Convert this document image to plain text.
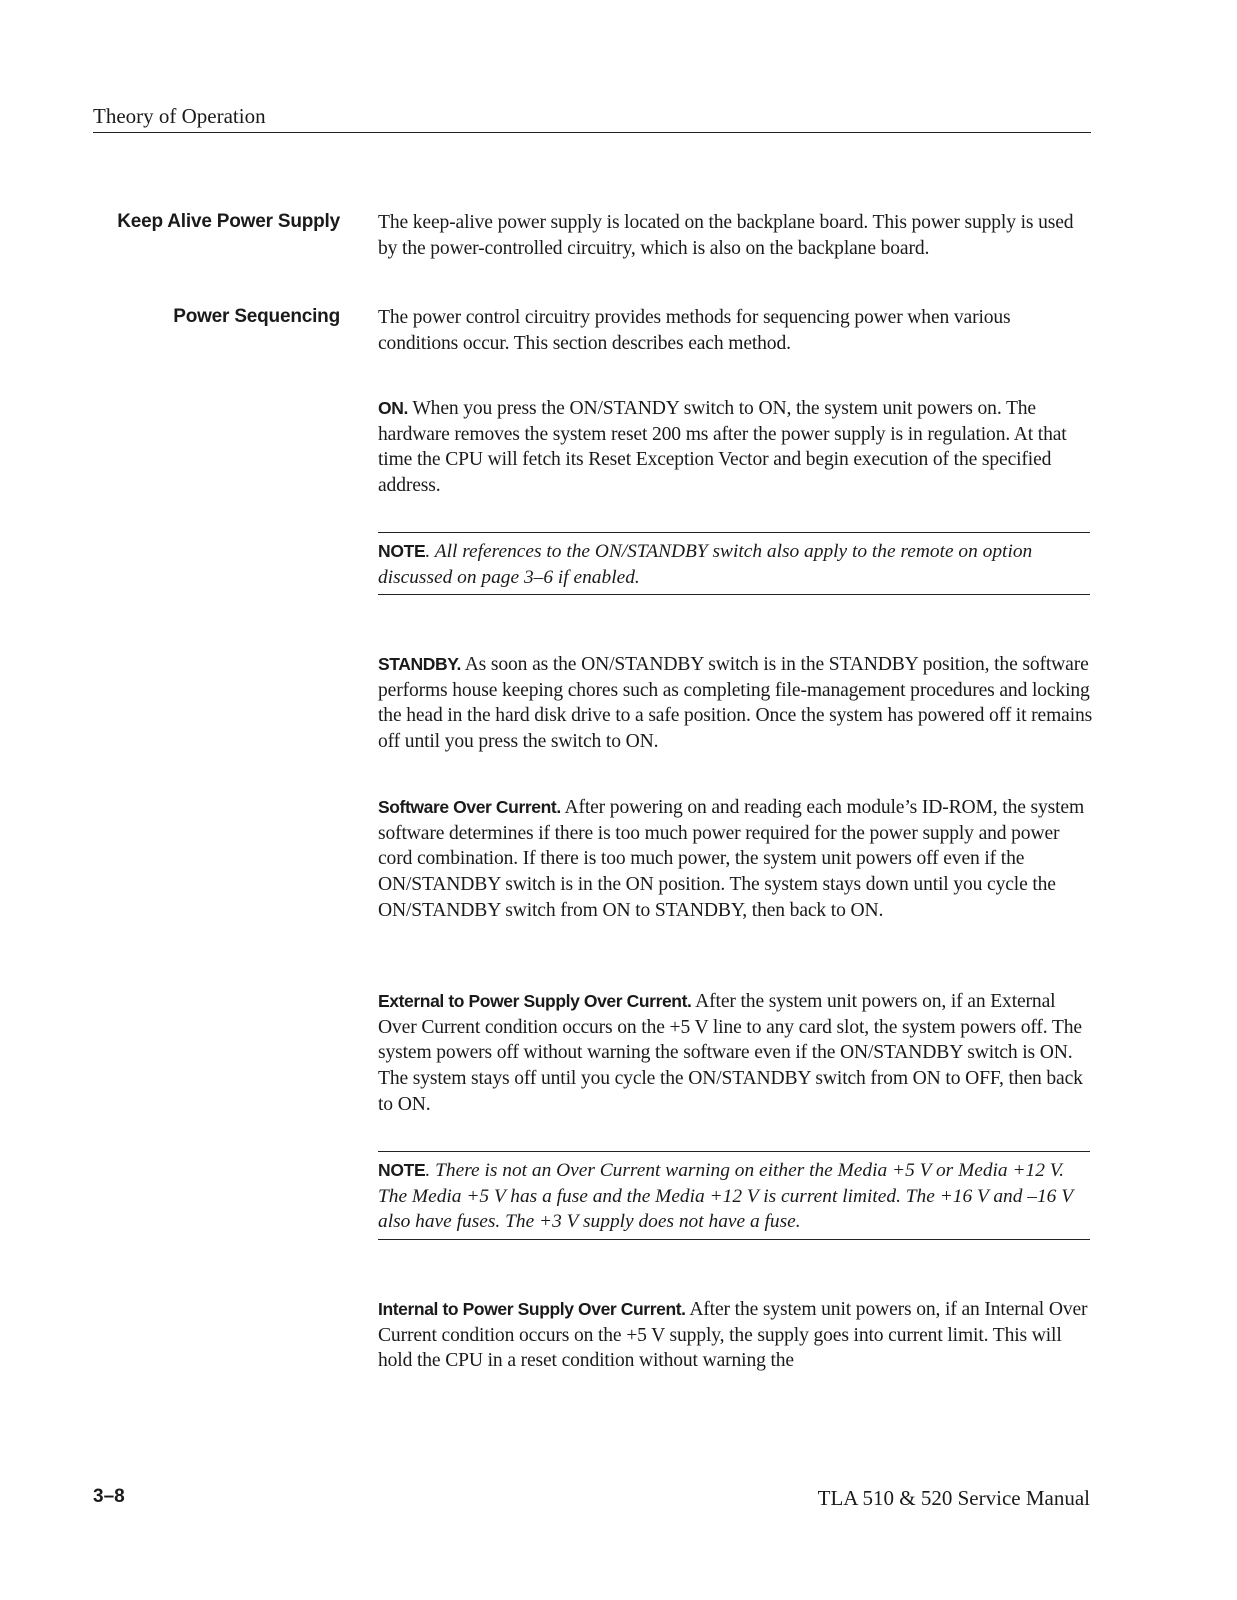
Theory of Operation
Keep Alive Power Supply The keep-alive power supply is located on the backplane board. This power supply is used by the power-controlled circuitry, which is also on the backplane board.
Power Sequencing The power control circuitry provides methods for sequencing power when various conditions occur. This section describes each method.
ON. When you press the ON/STANDY switch to ON, the system unit powers on. The hardware removes the system reset 200 ms after the power supply is in regulation. At that time the CPU will fetch its Reset Exception Vector and begin execution of the specified address.
NOTE. All references to the ON/STANDBY switch also apply to the remote on option discussed on page 3–6 if enabled.
STANDBY. As soon as the ON/STANDBY switch is in the STANDBY position, the software performs house keeping chores such as completing file-management procedures and locking the head in the hard disk drive to a safe position. Once the system has powered off it remains off until you press the switch to ON.
Software Over Current. After powering on and reading each module’s ID-ROM, the system software determines if there is too much power required for the power supply and power cord combination. If there is too much power, the system unit powers off even if the ON/STANDBY switch is in the ON position. The system stays down until you cycle the ON/STANDBY switch from ON to STANDBY, then back to ON.
External to Power Supply Over Current. After the system unit powers on, if an External Over Current condition occurs on the +5 V line to any card slot, the system powers off. The system powers off without warning the software even if the ON/STANDBY switch is ON. The system stays off until you cycle the ON/STANDBY switch from ON to OFF, then back to ON.
NOTE. There is not an Over Current warning on either the Media +5 V or Media +12 V. The Media +5 V has a fuse and the Media +12 V is current limited. The +16 V and –16 V also have fuses. The +3 V supply does not have a fuse.
Internal to Power Supply Over Current. After the system unit powers on, if an Internal Over Current condition occurs on the +5 V supply, the supply goes into current limit. This will hold the CPU in a reset condition without warning the
3–8	TLA 510 & 520 Service Manual
